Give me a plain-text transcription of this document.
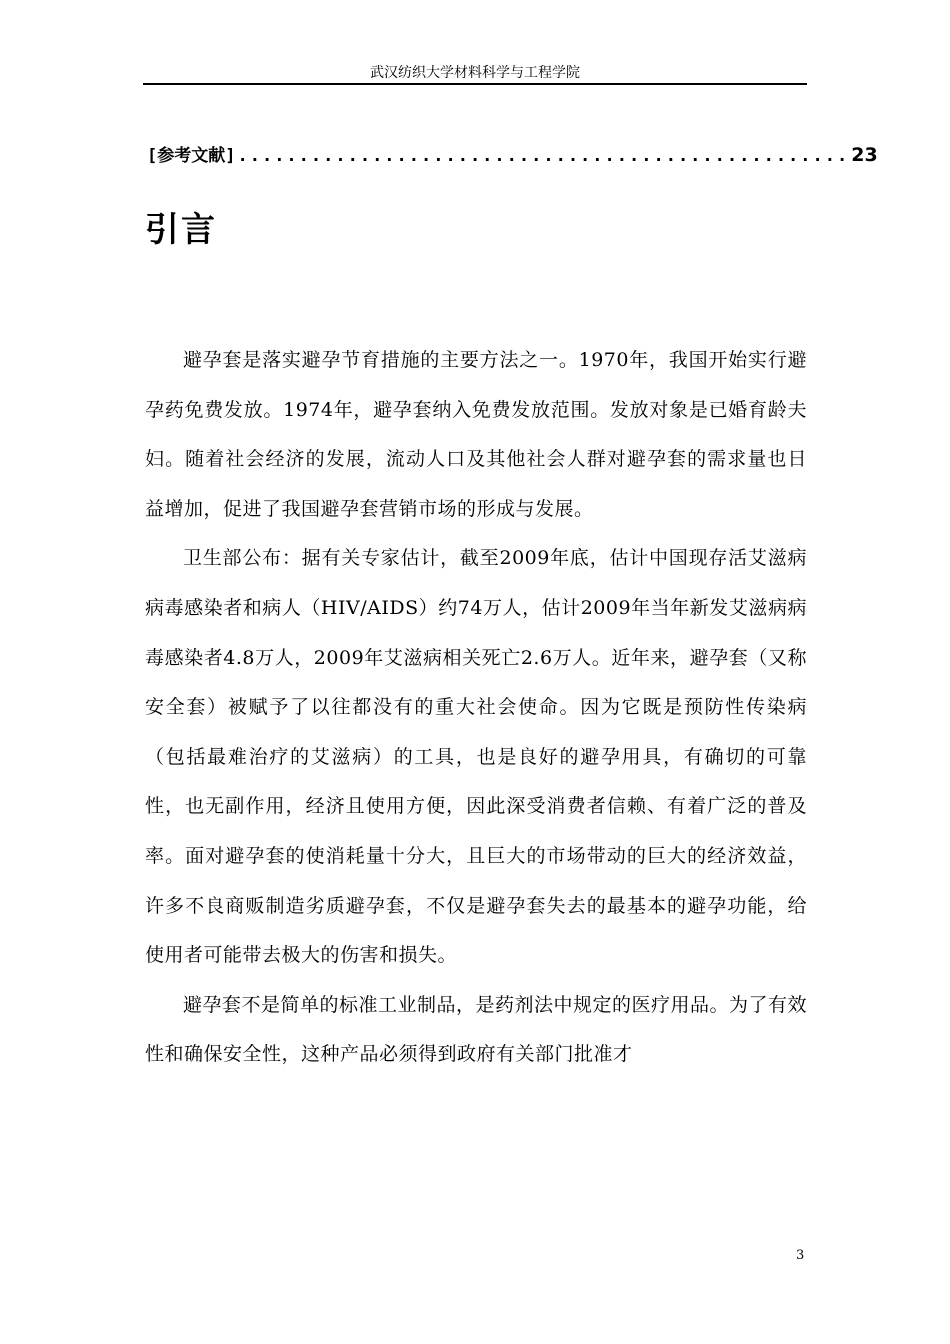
武汉纺织大学材料科学与工程学院
[参考文献] .................................................. 23
引言

避孕套是落实避孕节育措施的主要方法之一。1970年，我国开始实行避孕药免费发放。1974年，避孕套纳入免费发放范围。发放对象是已婚育龄夫妇。随着社会经济的发展，流动人口及其他社会人群对避孕套的需求量也日益增加，促进了我国避孕套营销市场的形成与发展。

卫生部公布：据有关专家估计，截至2009年底，估计中国现存活艾滋病病毒感染者和病人（HIV/AIDS）约74万人，估计2009年当年新发艾滋病病毒感染者4.8万人，2009年艾滋病相关死亡2.6万人。近年来，避孕套（又称安全套）被赋予了以往都没有的重大社会使命。因为它既是预防性传染病（包括最难治疗的艾滋病）的工具，也是良好的避孕用具，有确切的可靠性，也无副作用，经济且使用方便，因此深受消费者信赖、有着广泛的普及率。面对避孕套的使消耗量十分大，且巨大的市场带动的巨大的经济效益，许多不良商贩制造劣质避孕套，不仅是避孕套失去的最基本的避孕功能，给使用者可能带去极大的伤害和损失。

避孕套不是简单的标准工业制品，是药剂法中规定的医疗用品。为了有效性和确保安全性，这种产品必须得到政府有关部门批准才

3
